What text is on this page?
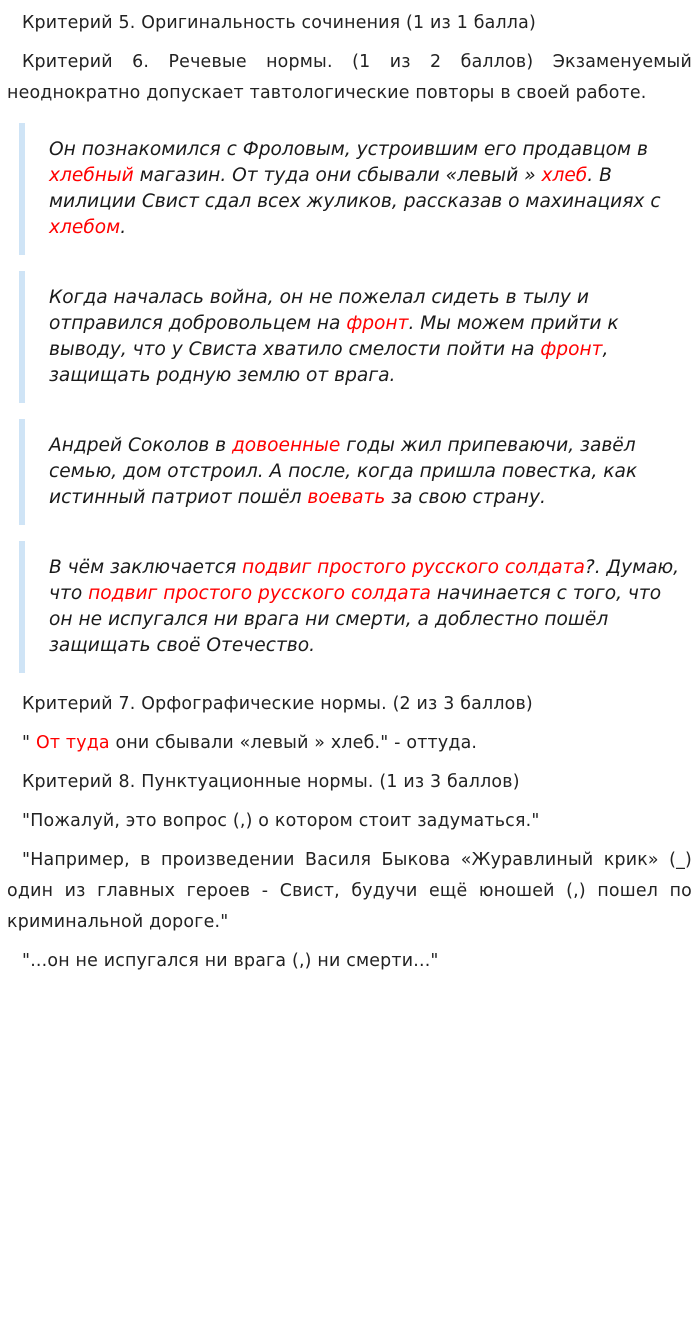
Критерий 5. Оригинальность сочинения (1 из 1 балла)

Критерий 6. Речевые нормы. (1 из 2 баллов) Экзаменуемый неоднократно допускает тавтологические повторы в своей работе.

Он познакомился с Фроловым, устроившим его продавцом в хлебный магазин. От туда они сбывали «левый » хлеб. В милиции Свист сдал всех жуликов, рассказав о махинациях с хлебом.
Когда началась война, он не пожелал сидеть в тылу и отправился добровольцем на фронт. Мы можем прийти к выводу, что у Свиста хватило смелости пойти на фронт, защищать родную землю от врага.
Андрей Соколов в довоенные годы жил припеваючи, завёл семью, дом отстроил. А после, когда пришла повестка, как истинный патриот пошёл воевать за свою страну.
В чём заключается подвиг простого русского солдата?. Думаю, что подвиг простого русского солдата начинается с того, что он не испугался ни врага ни смерти, а доблестно пошёл защищать своё Отечество.

Критерий 7. Орфографические нормы. (2 из 3 баллов)

" От туда они сбывали «левый » хлеб." - оттуда.

Критерий 8. Пунктуационные нормы. (1 из 3 баллов)

"Пожалуй, это вопрос (,) о котором стоит задуматься."

"Например, в произведении Василя Быкова «Журавлиный крик» (_) один из главных героев - Свист, будучи ещё юношей (,) пошел по криминальной дороге."

"...он не испугался ни врага (,) ни смерти..."
